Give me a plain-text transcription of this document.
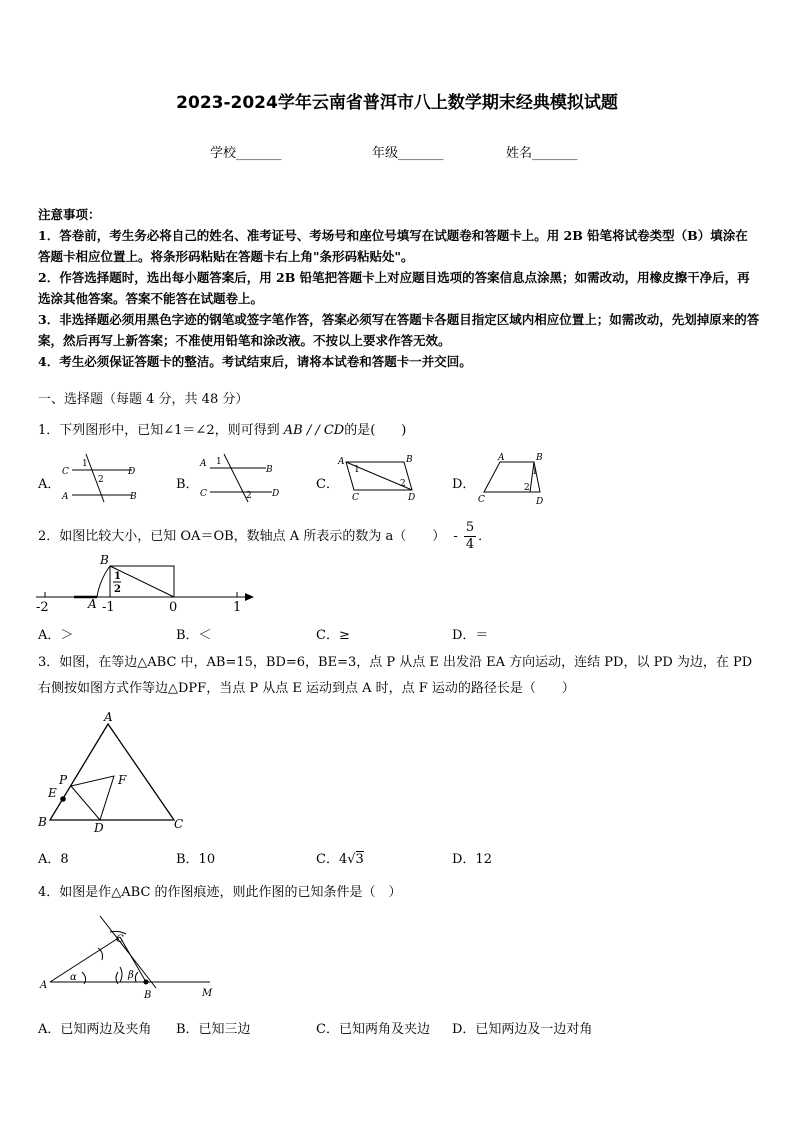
2023-2024学年云南省普洱市八上数学期末经典模拟试题
学校_______	年级_______	姓名_______

注意事项：

1．答卷前，考生务必将自己的姓名、准考证号、考场号和座位号填写在试题卷和答题卡上。用 2B 铅笔将试卷类型（B）填涂在答题卡相应位置上。将条形码粘贴在答题卡右上角"条形码粘贴处"。

2．作答选择题时，选出每小题答案后，用 2B 铅笔把答题卡上对应题目选项的答案信息点涂黑；如需改动，用橡皮擦干净后，再选涂其他答案。答案不能答在试题卷上。

3．非选择题必须用黑色字迹的钢笔或签字笔作答，答案必须写在答题卡各题目指定区域内相应位置上；如需改动，先划掉原来的答案，然后再写上新答案；不准使用铅笔和涂改液。不按以上要求作答无效。

4．考生必须保证答题卡的整洁。考试结束后，请将本试卷和答题卡一并交回。

一、选择题（每题 4 分，共 48 分）
1．下列图形中，已知∠1＝∠2，则可得到 AB / / CD的是(　　)
A．
C
1
2
D
A	B
B．
A 1
B
C	2 D
C．
A	B
1
2
C	D
D．
A	B
1
2
C	D
2．如图比较大小，已知 OA＝OB，数轴点 A 所表示的数为 a（　　） - $\frac{5}{4}$ ．
B
1
2
A
-2	-1	0	1
A．＞	B．＜	C．≥	D．＝
3．如图，在等边△ABC 中，AB=15，BD=6，BE=3，点 P 从点 E 出发沿 EA 方向运动，连结 PD，以 PD 为边，在 PD
右侧按如图方式作等边△DPF，当点 P 从点 E 运动到点 A 时，点 F 运动的路径长是（　　）
A
P	F
E
B	D	C
A．8	B．10	C．4√3	D．12
4．如图是作△ABC 的作图痕迹，则此作图的已知条件是（　）
A
α	β
C
B	M
A．已知两边及夹角 B．已知三边	C．已知两角及夹边 D．已知两边及一边对角
